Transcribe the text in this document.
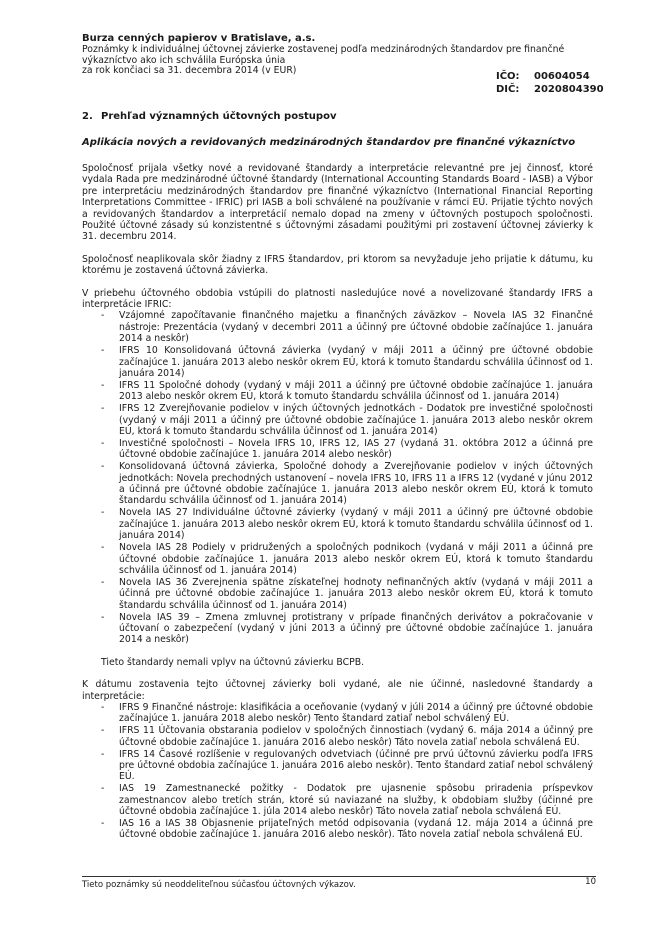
Burza cenných papierov v Bratislave, a.s.
Poznámky k individuálnej účtovnej závierke zostavenej podľa medzinárodných štandardov pre finančné
výkazníctvo ako ich schválila Európska únia
za rok končiaci sa 31. decembra 2014 (v EUR)
IČO:	00604054
DIČ:	2020804390
2. Prehľad významných účtovných postupov
Aplikácia nových a revidovaných medzinárodných štandardov pre finančné výkazníctvo

Spoločnosť prijala všetky nové a revidované štandardy a interpretácie relevantné pre jej činnosť, ktoré vydala Rada pre medzinárodné účtovné štandardy (International Accounting Standards Board - IASB) a Výbor pre interpretáciu medzinárodných štandardov pre finančné výkazníctvo (International Financial Reporting Interpretations Committee - IFRIC) pri IASB a boli schválené na používanie v rámci EÚ. Prijatie týchto nových a revidovaných štandardov a interpretácií nemalo dopad na zmeny v účtovných postupoch spoločnosti. Použité účtovné zásady sú konzistentné s účtovnými zásadami použitými pri zostavení účtovnej závierky k 31. decembru 2014.

Spoločnosť neaplikovala skôr žiadny z IFRS štandardov, pri ktorom sa nevyžaduje jeho prijatie k dátumu, ku ktorému je zostavená účtovná závierka.

V priebehu účtovného obdobia vstúpili do platnosti nasledujúce nové a novelizované štandardy IFRS a interpretácie IFRIC:

- Vzájomné započítavanie finančného majetku a finančných záväzkov – Novela IAS 32 Finančné nástroje: Prezentácia (vydaný v decembri 2011 a účinný pre účtovné obdobie začínajúce 1. januára 2014 a neskôr)
- IFRS 10 Konsolidovaná účtovná závierka (vydaný v máji 2011 a účinný pre účtovné obdobie začínajúce 1. januára 2013 alebo neskôr okrem EÚ, ktorá k tomuto štandardu schválila účinnosť od 1. januára 2014)
- IFRS 11 Spoločné dohody (vydaný v máji 2011 a účinný pre účtovné obdobie začínajúce 1. januára 2013 alebo neskôr okrem EÚ, ktorá k tomuto štandardu schválila účinnosť od 1. januára 2014)
- IFRS 12 Zverejňovanie podielov v iných účtovných jednotkách - Dodatok pre investičné spoločnosti (vydaný v máji 2011 a účinný pre účtovné obdobie začínajúce 1. januára 2013 alebo neskôr okrem EÚ, ktorá k tomuto štandardu schválila účinnosť od 1. januára 2014)
- Investičné spoločnosti – Novela IFRS 10, IFRS 12, IAS 27 (vydaná 31. októbra 2012 a účinná pre účtovné obdobie začínajúce 1. januára 2014 alebo neskôr)
- Konsolidovaná účtovná závierka, Spoločné dohody a Zverejňovanie podielov v iných účtovných jednotkách: Novela prechodných ustanovení – novela IFRS 10, IFRS 11 a IFRS 12 (vydané v júnu 2012 a účinná pre účtovné obdobie začínajúce 1. januára 2013 alebo neskôr okrem EÚ, ktorá k tomuto štandardu schválila účinnosť od 1. januára 2014)
- Novela IAS 27 Individuálne účtovné závierky (vydaný v máji 2011 a účinný pre účtovné obdobie začínajúce 1. januára 2013 alebo neskôr okrem EÚ, ktorá k tomuto štandardu schválila účinnosť od 1. januára 2014)
- Novela IAS 28 Podiely v pridružených a spoločných podnikoch (vydaná v máji 2011 a účinná pre účtovné obdobie začínajúce 1. januára 2013 alebo neskôr okrem EÚ, ktorá k tomuto štandardu schválila účinnosť od 1. januára 2014)
- Novela IAS 36 Zverejnenia spätne získateľnej hodnoty nefinančných aktív (vydaná v máji 2011 a účinná pre účtovné obdobie začínajúce 1. januára 2013 alebo neskôr okrem EÚ, ktorá k tomuto štandardu schválila účinnosť od 1. januára 2014)
- Novela IAS 39 – Zmena zmluvnej protistrany v prípade finančných derivátov a pokračovanie v účtovaní o zabezpečení (vydaný v júni 2013 a účinný pre účtovné obdobie začínajúce 1. januára 2014 a neskôr)

Tieto štandardy nemali vplyv na účtovnú závierku BCPB.

K dátumu zostavenia tejto účtovnej závierky boli vydané, ale nie účinné, nasledovné štandardy a interpretácie:

- IFRS 9 Finančné nástroje: klasifikácia a oceňovanie (vydaný v júli 2014 a účinný pre účtovné obdobie začínajúce 1. januára 2018 alebo neskôr) Tento štandard zatiaľ nebol schválený EÚ.
- IFRS 11 Účtovania obstarania podielov v spoločných činnostiach (vydaný 6. mája 2014 a účinný pre účtovné obdobie začínajúce 1. januára 2016 alebo neskôr) Táto novela zatiaľ nebola schválená EÚ.
- IFRS 14 Časové rozlíšenie v regulovaných odvetviach (účinné pre prvú účtovnú závierku podľa IFRS pre účtovné obdobia začínajúce 1. januára 2016 alebo neskôr). Tento štandard zatiaľ nebol schválený EÚ.
- IAS 19 Zamestnanecké požitky - Dodatok pre ujasnenie spôsobu priradenia príspevkov zamestnancov alebo tretích strán, ktoré sú naviazané na služby, k obdobiam služby (účinné pre účtovné obdobia začínajúce 1. júla 2014 alebo neskôr) Táto novela zatiaľ nebola schválená EÚ.
- IAS 16 a IAS 38 Objasnenie prijateľných metód odpisovania (vydaná 12. mája 2014 a účinná pre účtovné obdobie začínajúce 1. januára 2016 alebo neskôr). Táto novela zatiaľ nebola schválená EÚ.
Tieto poznámky sú neoddeliteľnou súčasťou účtovných výkazov.	10
